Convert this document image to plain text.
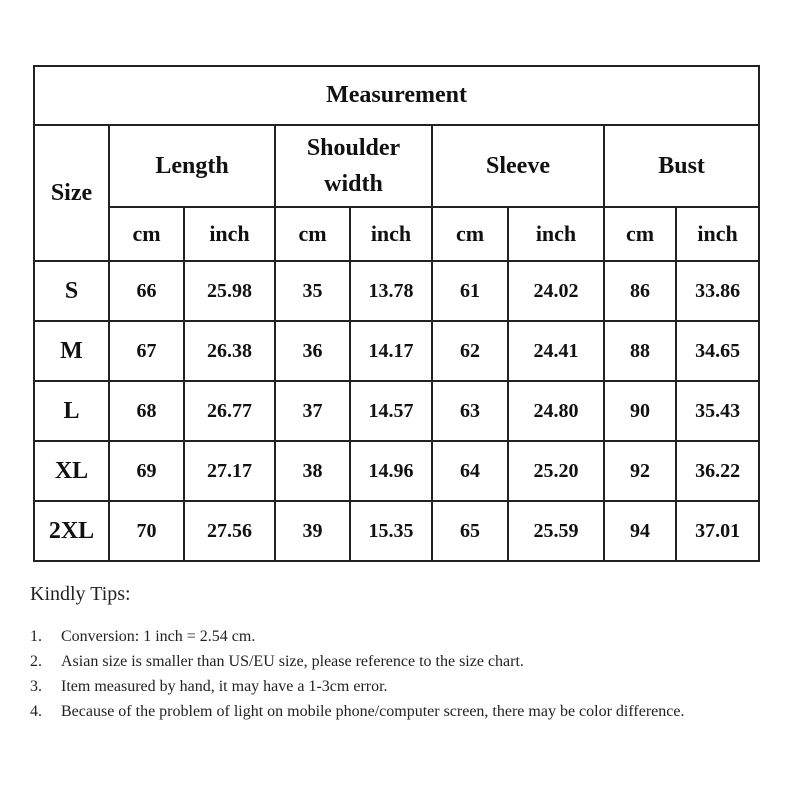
Measurement								
Size	Length		Shoulder width		Sleeve		Bust	
	cm	inch	cm	inch	cm	inch	cm	inch
S	66	25.98	35	13.78	61	24.02	86	33.86
M	67	26.38	36	14.17	62	24.41	88	34.65
L	68	26.77	37	14.57	63	24.80	90	35.43
XL	69	27.17	38	14.96	64	25.20	92	36.22
2XL	70	27.56	39	15.35	65	25.59	94	37.01
Kindly Tips:
1.	Conversion: 1 inch = 2.54 cm.
2.	Asian size is smaller than US/EU size, please reference to the size chart.
3.	Item measured by hand, it may have a 1-3cm error.
4.	Because of the problem of light on mobile phone/computer screen, there may be color difference.
